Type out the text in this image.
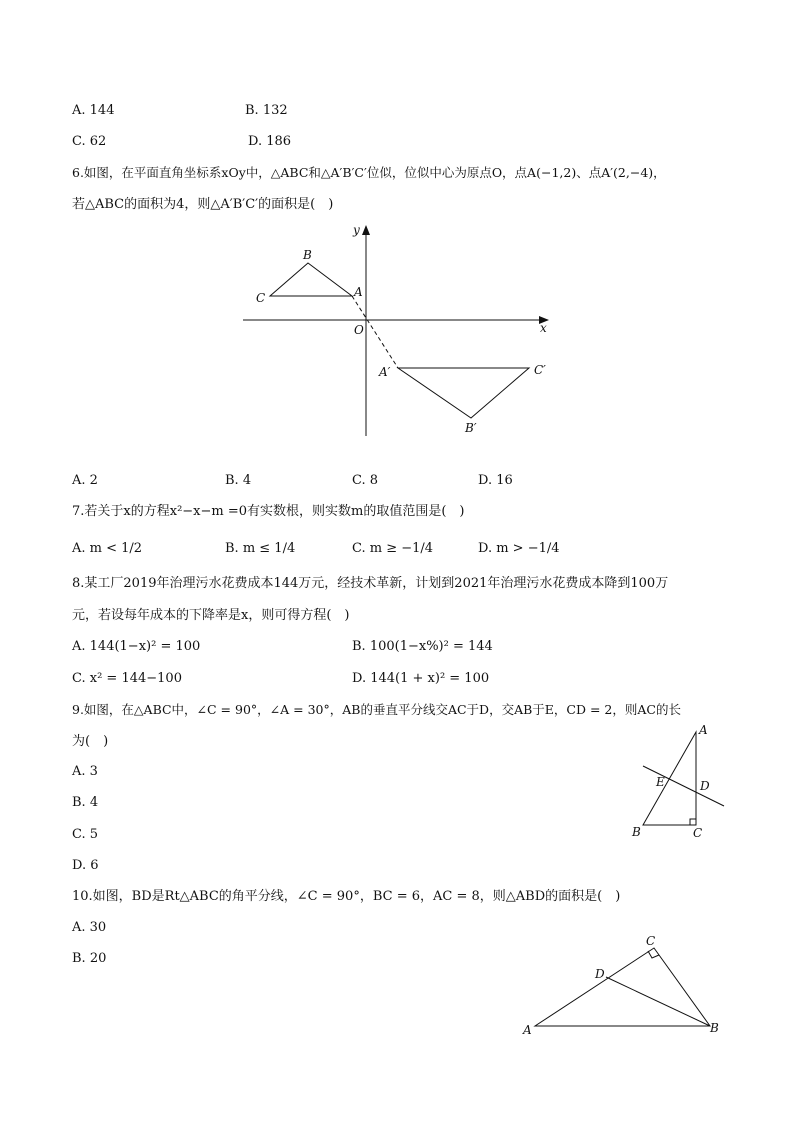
A. 144	B. 132
C. 62	D. 186
6.如图，在平面直角坐标系xOy中，△ABC和△A′B′C′位似，位似中心为原点O，点A(−1,2)、点A′(2,−4)，
若△ABC的面积为4，则△A′B′C′的面积是(　)
y
x
O
A
B
C
A′
B′
C′
A. 2	B. 4	C. 8	D. 16
7.若关于x的方程x²−x−m =0有实数根，则实数m的取值范围是(　)
A. m < 1/2	B. m ≤ 1/4	C. m ≥ −1/4	D. m > −1/4
8.某工厂2019年治理污水花费成本144万元，经技术革新，计划到2021年治理污水花费成本降到100万
元，若设每年成本的下降率是x，则可得方程(　)
A. 144(1−x)² = 100	B. 100(1−x%)² = 144
C. x² = 144−100	D. 144(1 + x)² = 100
9.如图，在△ABC中，∠C = 90°，∠A = 30°，AB的垂直平分线交AC于D，交AB于E，CD = 2，则AC的长
为(　)
A. 3
B. 4
C. 5
D. 6
A
B	C
D
E
10.如图，BD是Rt△ABC的角平分线，∠C = 90°，BC = 6，AC = 8，则△ABD的面积是(　)
A. 30
B. 20
A	B
C
D
